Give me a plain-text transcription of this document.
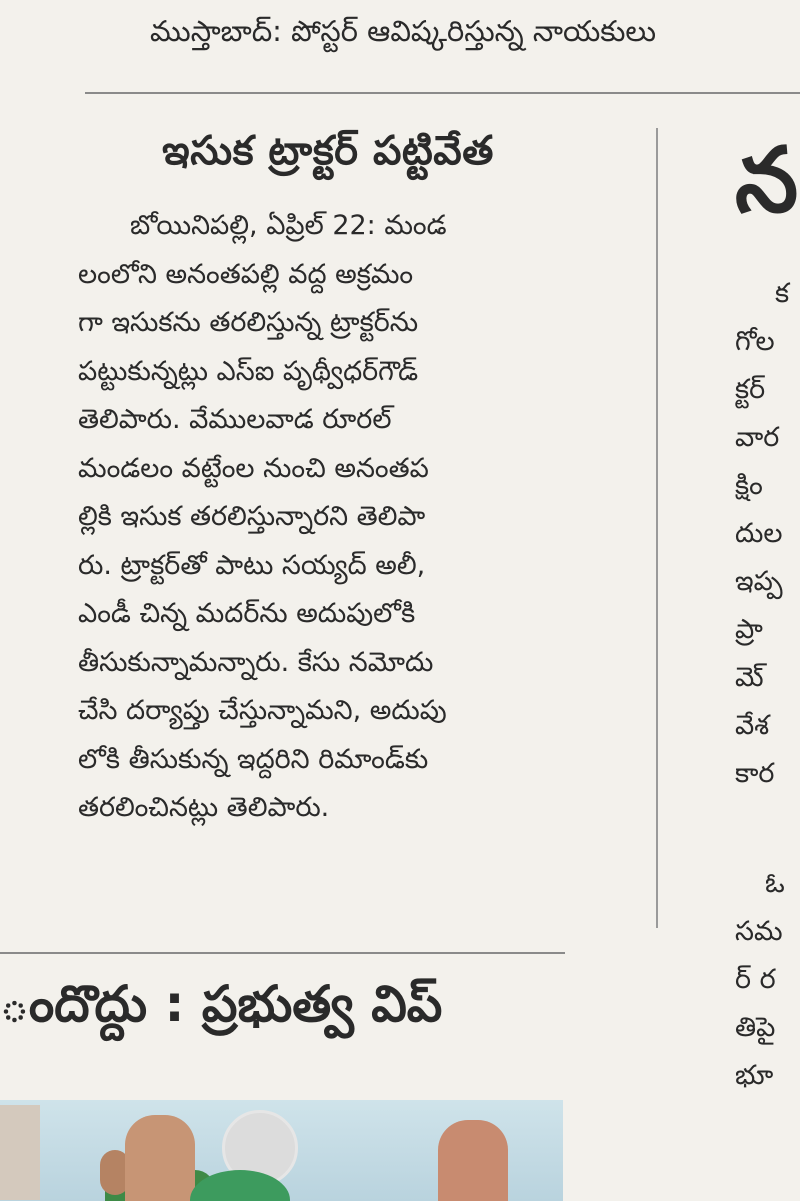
ముస్తాబాద్: పోస్టర్ ఆవిష్కరిస్తున్న నాయకులు
ఇసుక ట్రాక్టర్ పట్టివేత

బోయినిపల్లి, ఏప్రిల్ 22: మండ

లంలోని అనంతపల్లి వద్ద అక్రమం

గా ఇసుకను తరలిస్తున్న ట్రాక్టర్‌ను

పట్టుకున్నట్లు ఎస్ఐ పృథ్వీధర్‌గౌడ్

తెలిపారు. వేములవాడ రూరల్

మండలం వట్టేంల నుంచి అనంతప

ల్లికి ఇసుక తరలిస్తున్నారని తెలిపా

రు. ట్రాక్టర్‌తో పాటు సయ్యద్ అలీ,

ఎండీ చిన్న మదర్‌ను అదుపులోకి

తీసుకున్నామన్నారు. కేసు నమోదు

చేసి దర్యాప్తు చేస్తున్నామని, అదుపు

లోకి తీసుకున్న ఇద్దరిని రిమాండ్‌కు

తరలించినట్లు తెలిపారు.

ందొద్దు : ప్రభుత్వ విప్
న
క
గోల
క్టర్
వార
క్షిం
దుల
ఇప్ప
ప్రా
మె్
వేశ
కార
ఓ
సమ
ర్ ర
తిపై
భూ
